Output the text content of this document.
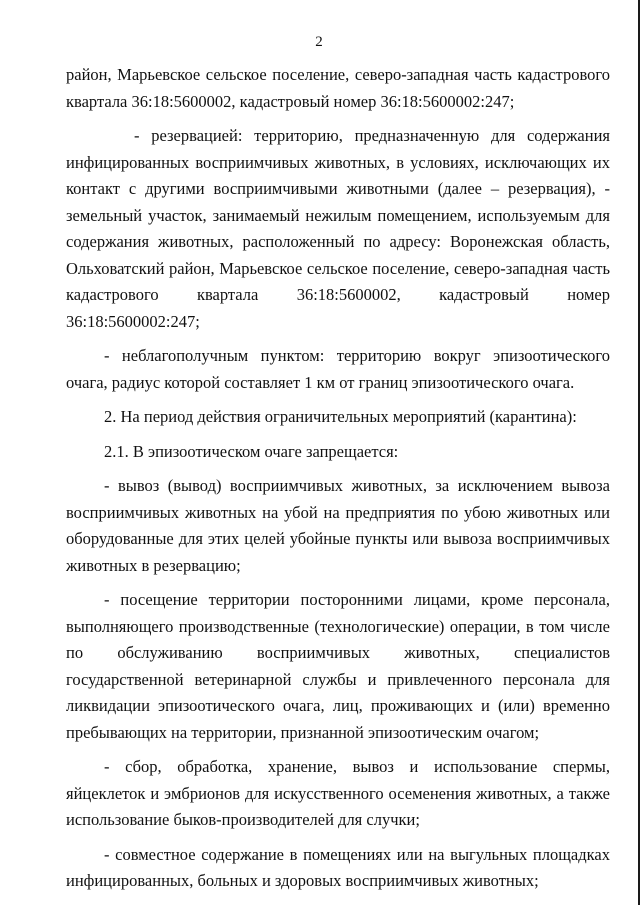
2

район, Марьевское сельское поселение, северо-западная часть кадастрового квартала 36:18:5600002, кадастровый номер 36:18:5600002:247;

- резервацией: территорию, предназначенную для содержания инфицированных восприимчивых животных, в условиях, исключающих их контакт с другими восприимчивыми животными (далее – резервация), - земельный участок, занимаемый нежилым помещением, используемым для содержания животных, расположенный по адресу: Воронежская область, Ольховатский район, Марьевское сельское поселение, северо-западная часть кадастрового квартала 36:18:5600002, кадастровый номер 36:18:5600002:247;

- неблагополучным пунктом: территорию вокруг эпизоотического очага, радиус которой составляет 1 км от границ эпизоотического очага.

2. На период действия ограничительных мероприятий (карантина):

2.1. В эпизоотическом очаге запрещается:

- вывоз (вывод) восприимчивых животных, за исключением вывоза восприимчивых животных на убой на предприятия по убою животных или оборудованные для этих целей убойные пункты или вывоза восприимчивых животных в резервацию;

- посещение территории посторонними лицами, кроме персонала, выполняющего производственные (технологические) операции, в том числе по обслуживанию восприимчивых животных, специалистов государственной ветеринарной службы и привлеченного персонала для ликвидации эпизоотического очага, лиц, проживающих и (или) временно пребывающих на территории, признанной эпизоотическим очагом;

- сбор, обработка, хранение, вывоз и использование спермы, яйцеклеток и эмбрионов для искусственного осеменения животных, а также использование быков-производителей для случки;

- совместное содержание в помещениях или на выгульных площадках инфицированных, больных и здоровых восприимчивых животных;
